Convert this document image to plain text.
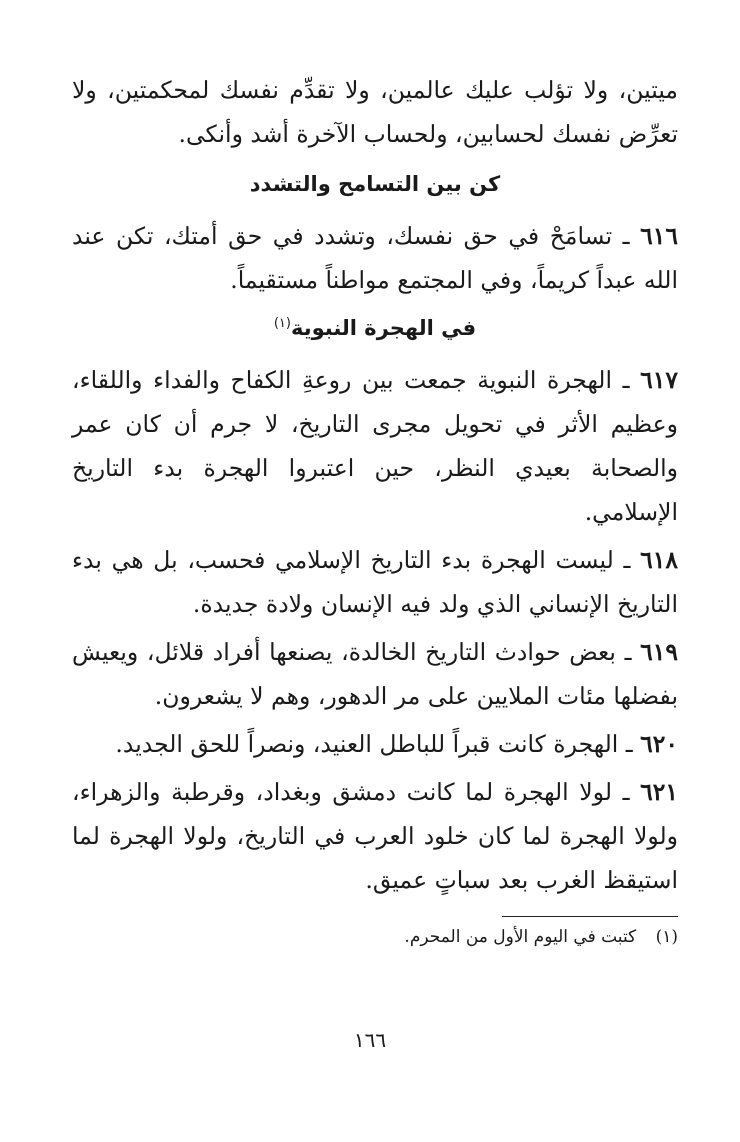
ميتين، ولا تؤلب عليك عالمين، ولا تقدِّم نفسك لمحكمتين، ولا تعرِّض نفسك لحسابين، ولحساب الآخرة أشد وأنكى.

كن بين التسامح والتشدد

٦١٦ ـ تسامَحْ في حق نفسك، وتشدد في حق أمتك، تكن عند الله عبداً كريماً، وفي المجتمع مواطناً مستقيماً.

في الهجرة النبوية$^{(١)}$

٦١٧ ـ الهجرة النبوية جمعت بين روعةِ الكفاح والفداء واللقاء، وعظيم الأثر في تحويل مجرى التاريخ، لا جرم أن كان عمر والصحابة بعيدي النظر، حين اعتبروا الهجرة بدء التاريخ الإسلامي.

٦١٨ ـ ليست الهجرة بدء التاريخ الإسلامي فحسب، بل هي بدء التاريخ الإنساني الذي ولد فيه الإنسان ولادة جديدة.

٦١٩ ـ بعض حوادث التاريخ الخالدة، يصنعها أفراد قلائل، ويعيش بفضلها مئات الملايين على مر الدهور، وهم لا يشعرون.

٦٢٠ ـ الهجرة كانت قبراً للباطل العنيد، ونصراً للحق الجديد.

٦٢١ ـ لولا الهجرة لما كانت دمشق وبغداد، وقرطبة والزهراء، ولولا الهجرة لما كان خلود العرب في التاريخ، ولولا الهجرة لما استيقظ الغرب بعد سباتٍ عميق.

(١) كتبت في اليوم الأول من المحرم.

١٦٦
